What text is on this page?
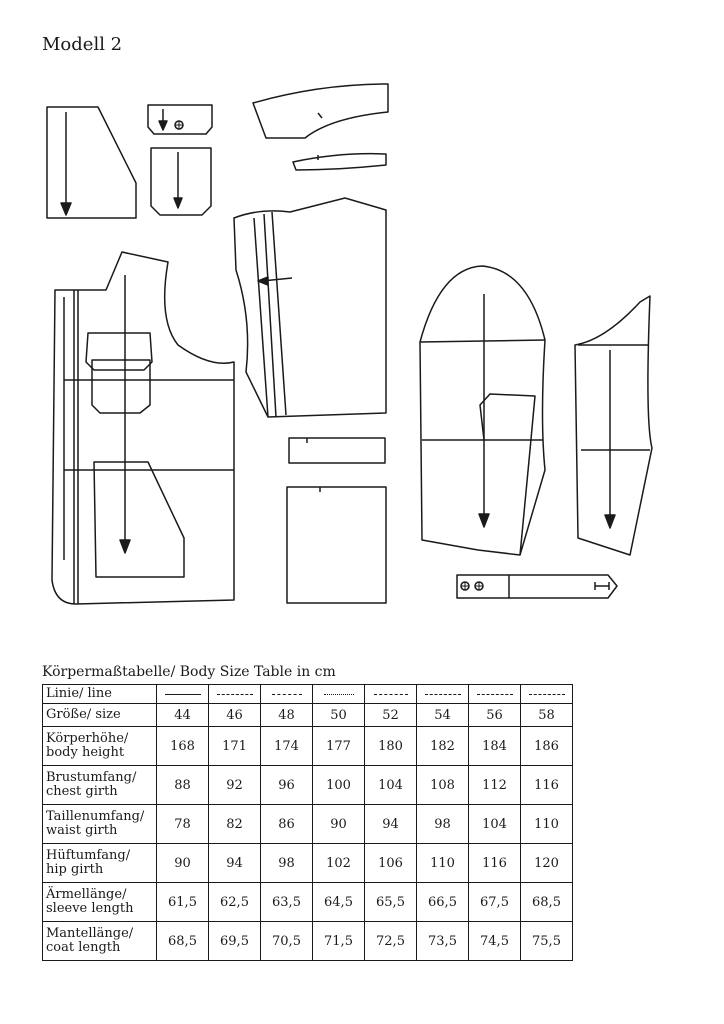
Modell 2
Körpermaßtabelle/ Body Size Table in cm
Linie/ line	

Größe/ size	44	46	48	50	52	54	56	58
Körperhöhe/
body height	168	171	174	177	180	182	184	186
Brustumfang/
chest girth	88	92	96	100	104	108	112	116
Taillenumfang/
waist girth	78	82	86	90	94	98	104	110
Hüftumfang/
hip girth	90	94	98	102	106	110	116	120
Ärmellänge/
sleeve length	61,5	62,5	63,5	64,5	65,5	66,5	67,5	68,5
Mantellänge/
coat length	68,5	69,5	70,5	71,5	72,5	73,5	74,5	75,5
